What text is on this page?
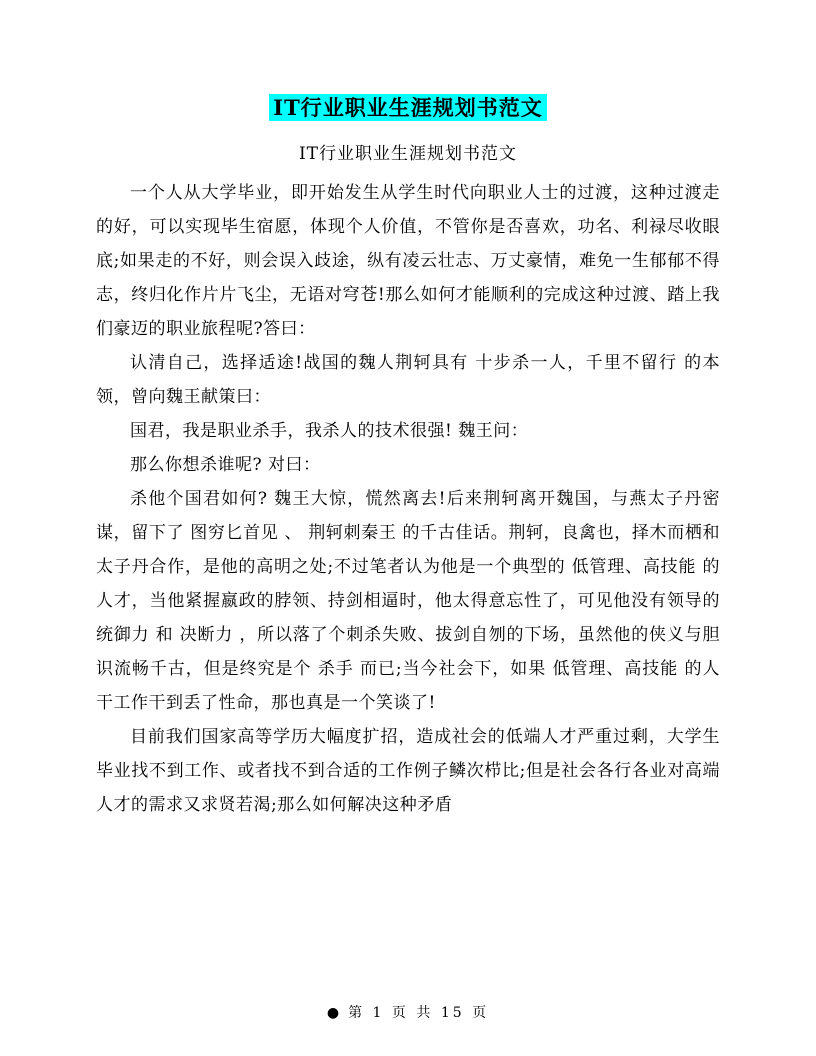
IT行业职业生涯规划书范文
IT行业职业生涯规划书范文

一个人从大学毕业，即开始发生从学生时代向职业人士的过渡，这种过渡走的好，可以实现毕生宿愿，体现个人价值，不管你是否喜欢，功名、利禄尽收眼底;如果走的不好，则会误入歧途，纵有凌云壮志、万丈豪情，难免一生郁郁不得志，终归化作片片飞尘，无语对穹苍!那么如何才能顺利的完成这种过渡、踏上我们豪迈的职业旅程呢?答曰：

认清自己，选择适途!战国的魏人荆轲具有 十步杀一人，千里不留行 的本领，曾向魏王献策曰：

国君，我是职业杀手，我杀人的技术很强! 魏王问：

那么你想杀谁呢? 对曰：

杀他个国君如何? 魏王大惊，慌然离去!后来荆轲离开魏国，与燕太子丹密谋，留下了 图穷匕首见 、 荆轲刺秦王 的千古佳话。荆轲，良禽也，择木而栖和太子丹合作，是他的高明之处;不过笔者认为他是一个典型的 低管理、高技能 的人才，当他紧握嬴政的脖领、持剑相逼时，他太得意忘性了，可见他没有领导的 统御力 和 决断力 ，所以落了个刺杀失败、拔剑自刎的下场，虽然他的侠义与胆识流畅千古，但是终究是个 杀手 而已;当今社会下，如果 低管理、高技能 的人干工作干到丢了性命，那也真是一个笑谈了!

目前我们国家高等学历大幅度扩招，造成社会的低端人才严重过剩，大学生毕业找不到工作、或者找不到合适的工作例子鳞次栉比;但是社会各行各业对高端人才的需求又求贤若渴;那么如何解决这种矛盾

● 第 1 页 共 15 页
